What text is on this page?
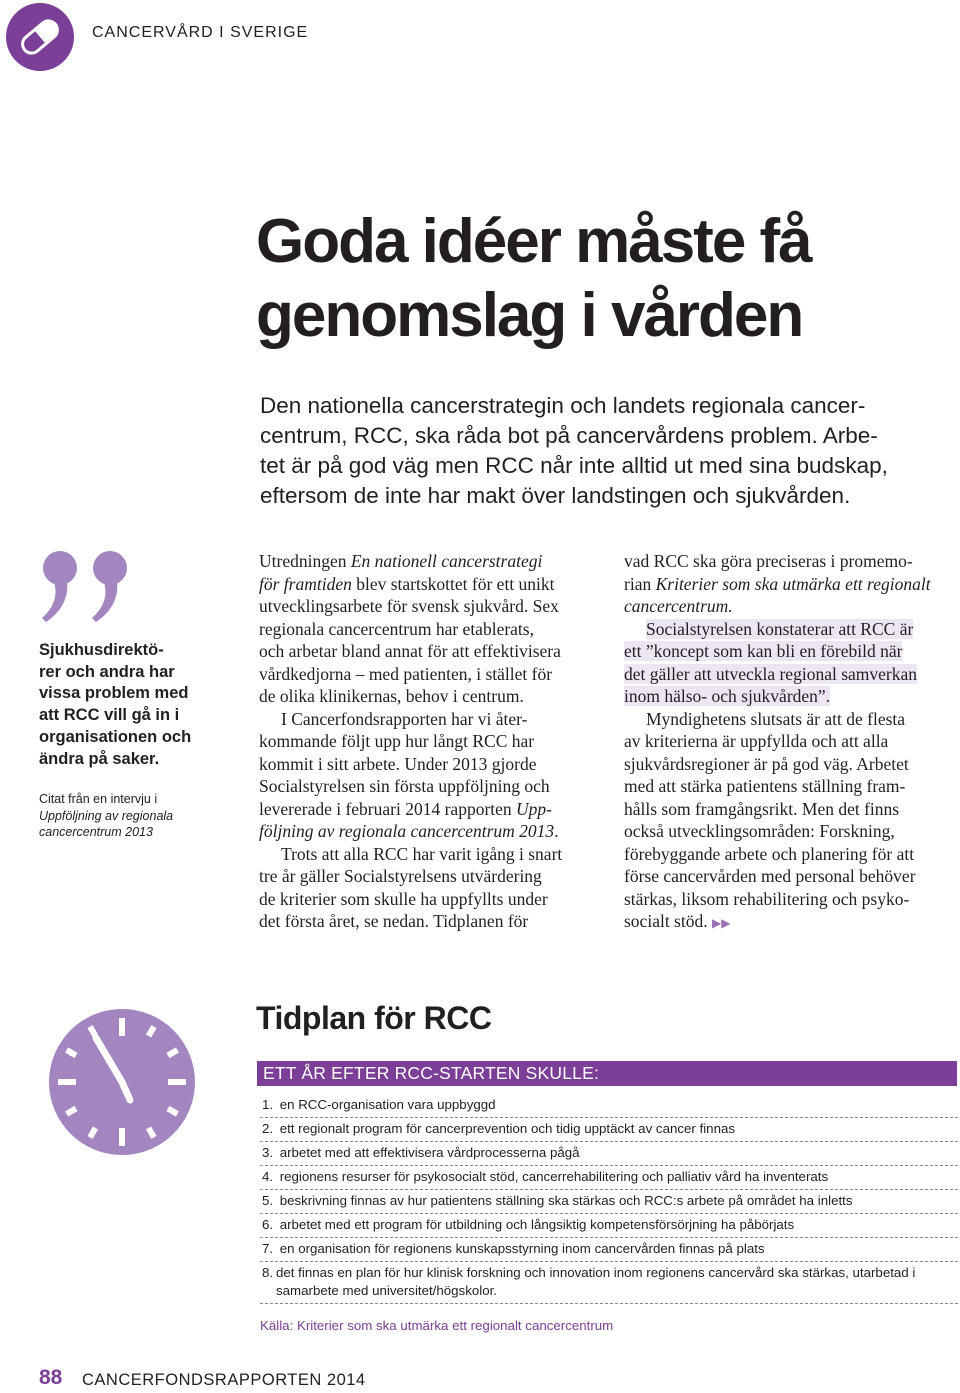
CANCERVÅRD I SVERIGE
Goda idéer måste få
genomslag i vården
Den nationella cancerstrategin och landets regionala cancer-
centrum, RCC, ska råda bot på cancervårdens problem. Arbe-
tet är på god väg men RCC når inte alltid ut med sina budskap,
eftersom de inte har makt över landstingen och sjukvården.
Sjukhusdirektö-
rer och andra har
vissa problem med
att RCC vill gå in i
organisationen och
ändra på saker.
Citat från en intervju i
Uppföljning av regionala
cancercentrum 2013
Utredningen En nationell cancerstrategi
för framtiden blev startskottet för ett unikt
utvecklingsarbete för svensk sjukvård. Sex
regionala cancercentrum har etablerats,
och arbetar bland annat för att effektivisera
vårdkedjorna – med patienten, i stället för
de olika klinikernas, behov i centrum.
I Cancerfondsrapporten har vi åter-
kommande följt upp hur långt RCC har
kommit i sitt arbete. Under 2013 gjorde
Socialstyrelsen sin första uppföljning och
levererade i februari 2014 rapporten Upp-
följning av regionala cancercentrum 2013.
Trots att alla RCC har varit igång i snart
tre år gäller Socialstyrelsens utvärdering
de kriterier som skulle ha uppfyllts under
det första året, se nedan. Tidplanen för
vad RCC ska göra preciseras i promemo-
rian Kriterier som ska utmärka ett regionalt
cancercentrum.
Socialstyrelsen konstaterar att RCC är
ett ”koncept som kan bli en förebild när
det gäller att utveckla regional samverkan
inom hälso- och sjukvården”.
Myndighetens slutsats är att de flesta
av kriterierna är uppfyllda och att alla
sjukvårdsregioner är på god väg. Arbetet
med att stärka patientens ställning fram-
hålls som framgångsrikt. Men det finns
också utvecklingsområden: Forskning,
förebyggande arbete och planering för att
förse cancervården med personal behöver
stärkas, liksom rehabilitering och psyko-
socialt stöd. ▶▶
Tidplan för RCC
ETT ÅR EFTER RCC-STARTEN SKULLE:
1. en RCC-organisation vara uppbyggd
2. ett regionalt program för cancerprevention och tidig upptäckt av cancer finnas
3. arbetet med att effektivisera vårdprocesserna pågå
4. regionens resurser för psykosocialt stöd, cancerrehabilitering och palliativ vård ha inventerats
5. beskrivning finnas av hur patientens ställning ska stärkas och RCC:s arbete på området ha inletts
6. arbetet med ett program för utbildning och långsiktig kompetensförsörjning ha påbörjats
7. en organisation för regionens kunskapsstyrning inom cancervården finnas på plats
8. det finnas en plan för hur klinisk forskning och innovation inom regionens cancervård ska stärkas, utarbetad i samarbete med universitet/högskolor.
Källa: Kriterier som ska utmärka ett regionalt cancercentrum
88 CANCERFONDSRAPPORTEN 2014
